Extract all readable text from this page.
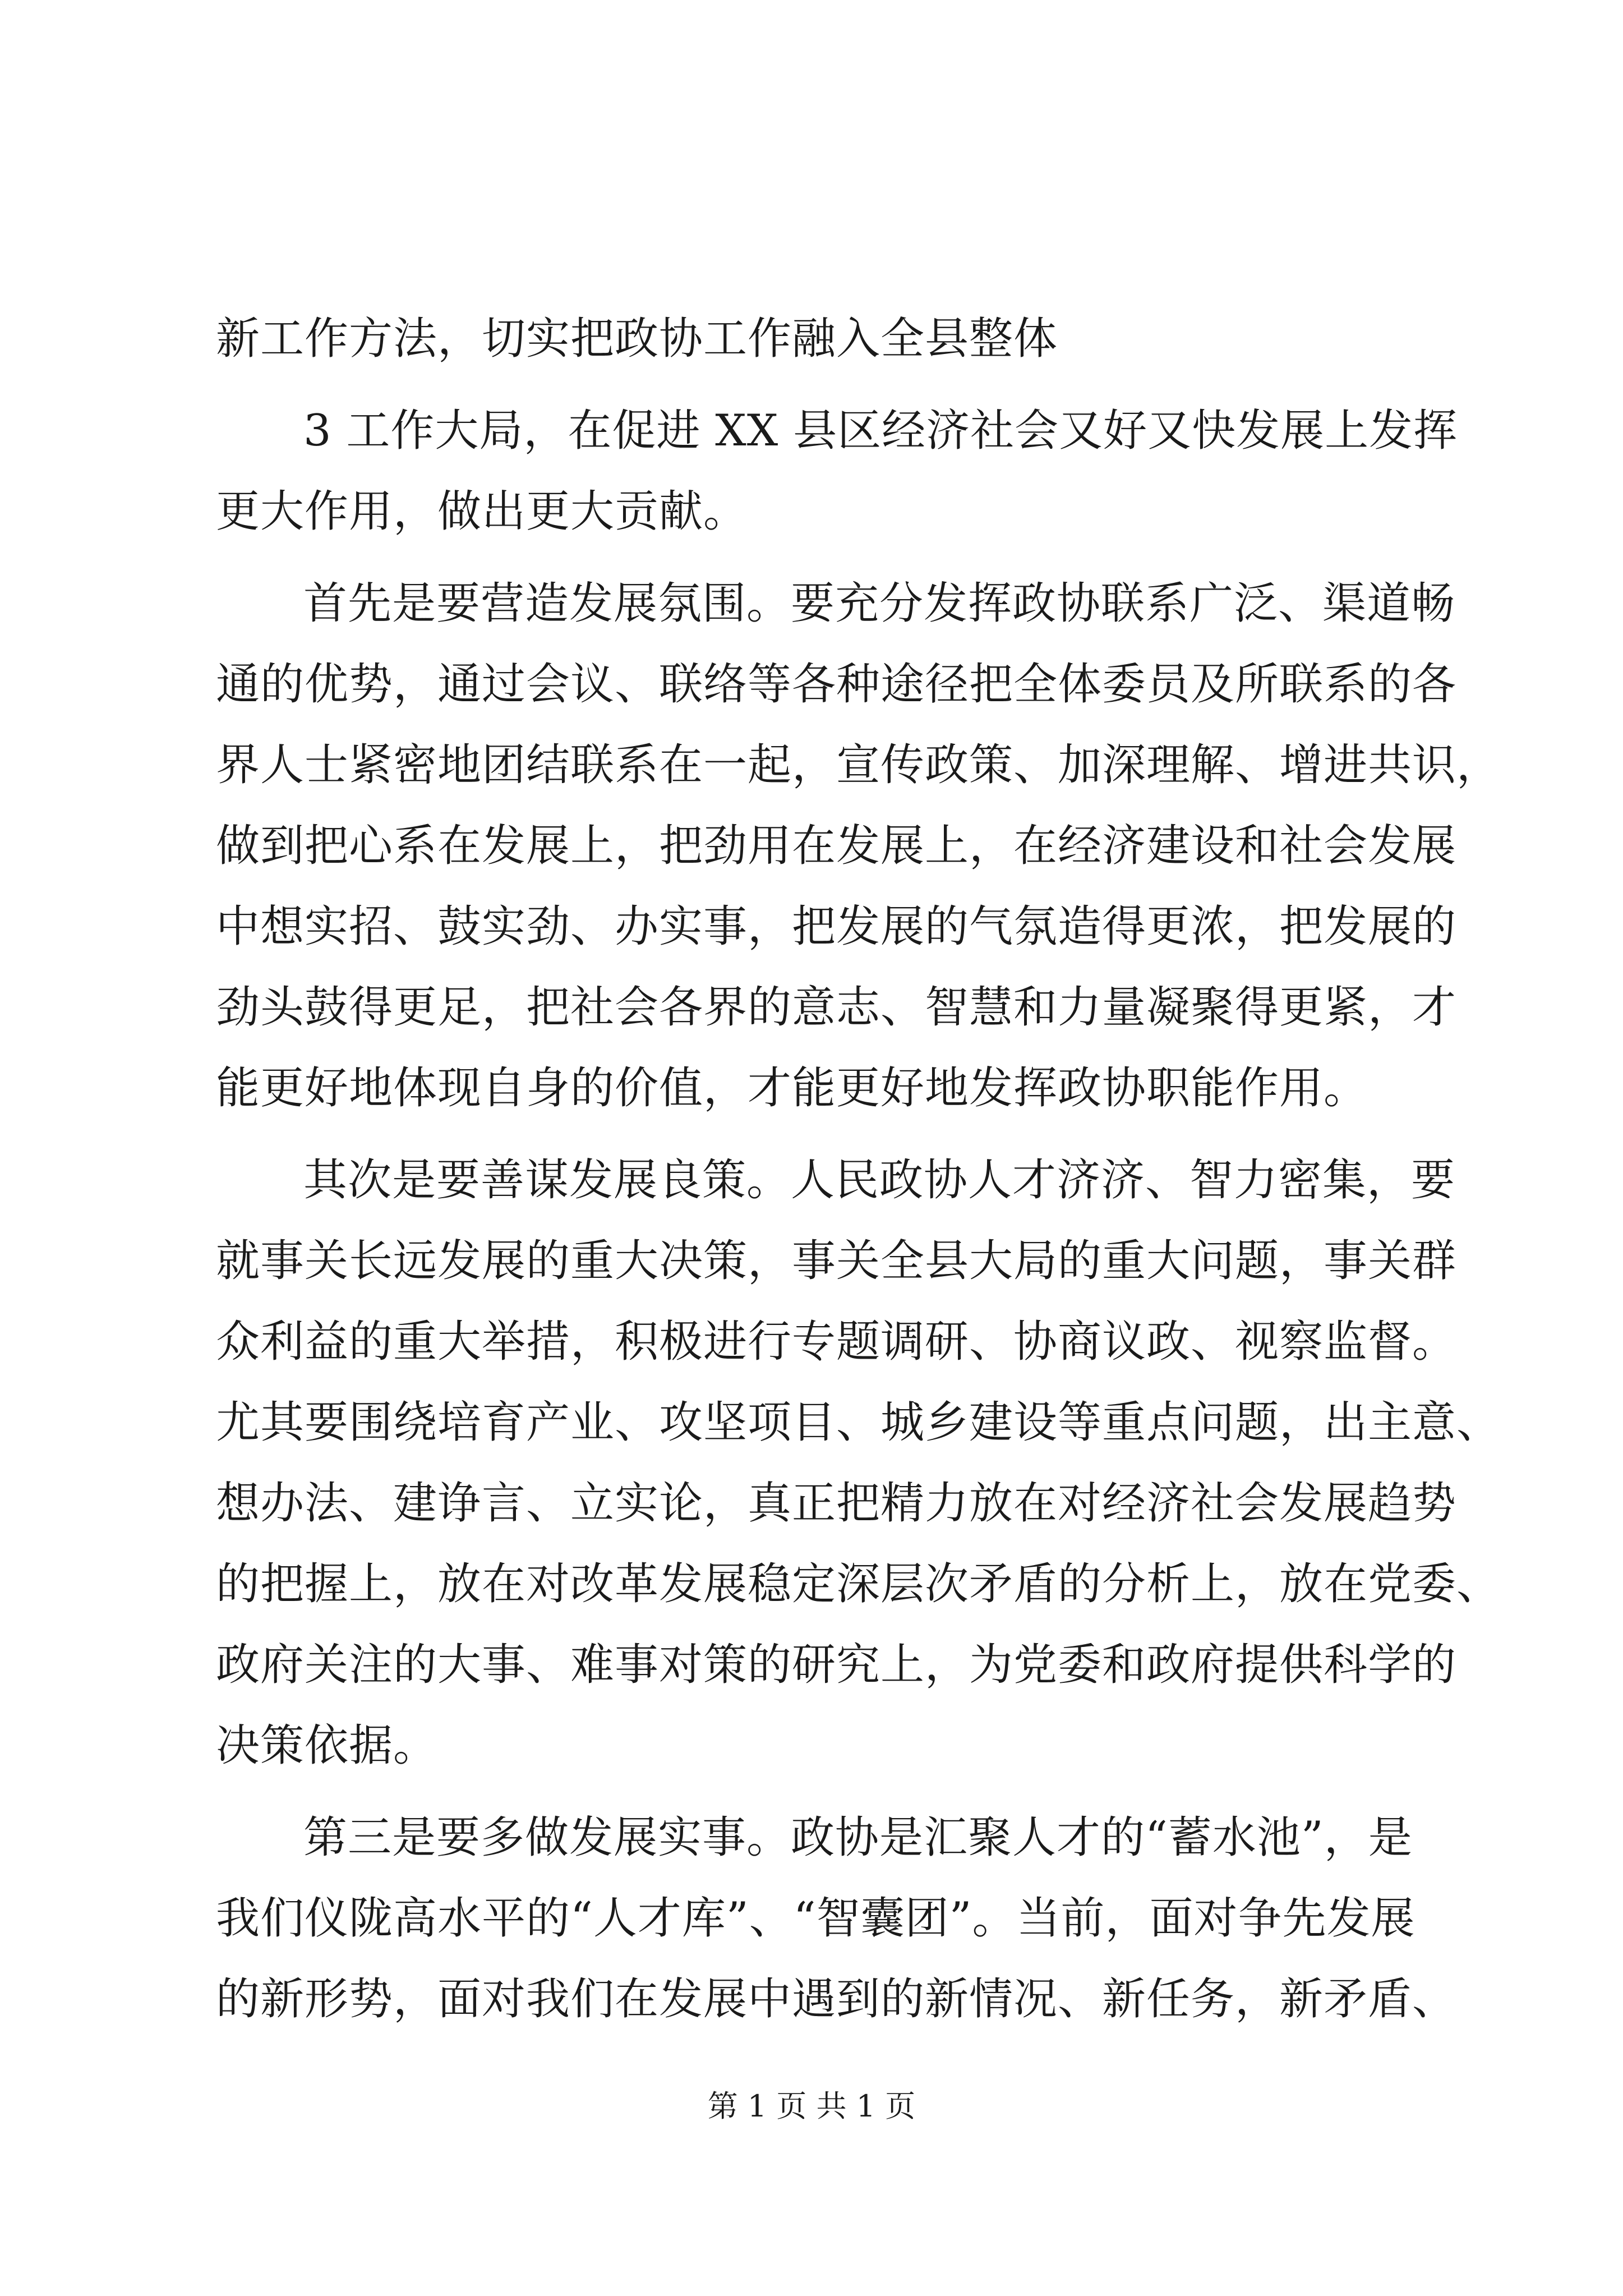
新工作方法，切实把政协工作融入全县整体
3 工作大局，在促进 XX 县区经济社会又好又快发展上发挥
更大作用，做出更大贡献。
首先是要营造发展氛围。要充分发挥政协联系广泛、渠道畅
通的优势，通过会议、联络等各种途径把全体委员及所联系的各
界人士紧密地团结联系在一起，宣传政策、加深理解、增进共识，
做到把心系在发展上，把劲用在发展上，在经济建设和社会发展
中想实招、鼓实劲、办实事，把发展的气氛造得更浓，把发展的
劲头鼓得更足，把社会各界的意志、智慧和力量凝聚得更紧，才
能更好地体现自身的价值，才能更好地发挥政协职能作用。
其次是要善谋发展良策。人民政协人才济济、智力密集，要
就事关长远发展的重大决策，事关全县大局的重大问题，事关群
众利益的重大举措，积极进行专题调研、协商议政、视察监督。
尤其要围绕培育产业、攻坚项目、城乡建设等重点问题，出主意、
想办法、建诤言、立实论，真正把精力放在对经济社会发展趋势
的把握上，放在对改革发展稳定深层次矛盾的分析上，放在党委、
政府关注的大事、难事对策的研究上，为党委和政府提供科学的
决策依据。
第三是要多做发展实事。政协是汇聚人才的“蓄水池”，是
我们仪陇高水平的“人才库”、“智囊团”。当前，面对争先发展
的新形势，面对我们在发展中遇到的新情况、新任务，新矛盾、
第 1 页 共 1 页
